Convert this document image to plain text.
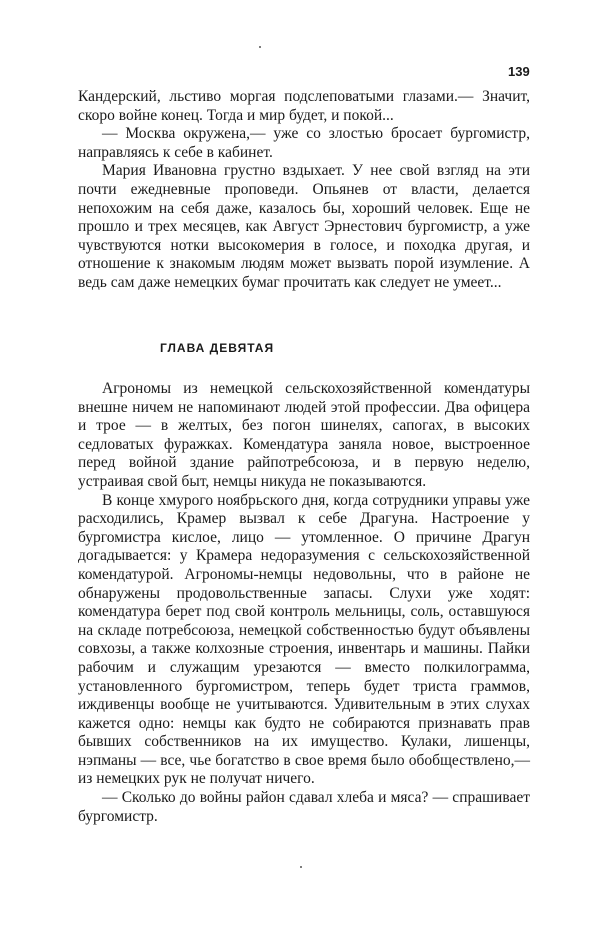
139

Кандерский, льстиво моргая подслеповатыми глазами.— Значит, скоро войне конец. Тогда и мир будет, и покой...

— Москва окружена,— уже со злостью бросает бургомистр, направляясь к себе в кабинет.

Мария Ивановна грустно вздыхает. У нее свой взгляд на эти почти ежедневные проповеди. Опьянев от власти, делается непохожим на себя даже, казалось бы, хороший человек. Еще не прошло и трех месяцев, как Август Эрнестович бургомистр, а уже чувствуются нотки высокомерия в голосе, и походка другая, и отношение к знакомым людям может вызвать порой изумление. А ведь сам даже немецких бумаг прочитать как следует не умеет...

ГЛАВА ДЕВЯТАЯ

Агрономы из немецкой сельскохозяйственной комендатуры внешне ничем не напоминают людей этой профессии. Два офицера и трое — в желтых, без погон шинелях, сапогах, в высоких седловатых фуражках. Комендатура заняла новое, выстроенное перед войной здание райпотребсоюза, и в первую неделю, устраивая свой быт, немцы никуда не показываются.

В конце хмурого ноябрьского дня, когда сотрудники управы уже расходились, Крамер вызвал к себе Драгуна. Настроение у бургомистра кислое, лицо — утомленное. О причине Драгун догадывается: у Крамера недоразумения с сельскохозяйственной комендатурой. Агрономы-немцы недовольны, что в районе не обнаружены продовольственные запасы. Слухи уже ходят: комендатура берет под свой контроль мельницы, соль, оставшуюся на складе потребсоюза, немецкой собственностью будут объявлены совхозы, а также колхозные строения, инвентарь и машины. Пайки рабочим и служащим урезаются — вместо полкилограмма, установленного бургомистром, теперь будет триста граммов, иждивенцы вообще не учитываются. Удивительным в этих слухах кажется одно: немцы как будто не собираются признавать прав бывших собственников на их имущество. Кулаки, лишенцы, нэпманы — все, чье богатство в свое время было обобществлено,— из немецких рук не получат ничего.

— Сколько до войны район сдавал хлеба и мяса? — спрашивает бургомистр.
